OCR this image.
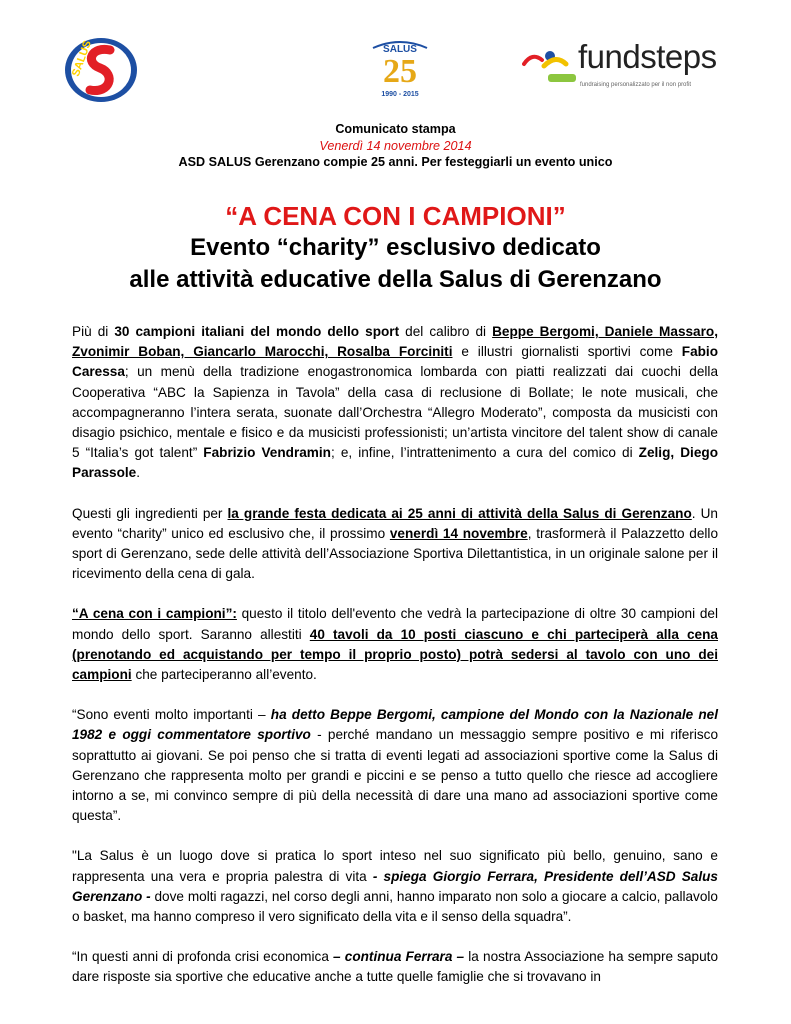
SALUS	SALUS
25
1990 - 2015
fundsteps
fundraising personalizzato per il non profit
Comunicato stampa
Venerdì 14 novembre 2014
ASD SALUS Gerenzano compie 25 anni. Per festeggiarli un evento unico
“A CENA CON I CAMPIONI”
Evento “charity” esclusivo dedicato
alle attività educative della Salus di Gerenzano

Più di 30 campioni italiani del mondo dello sport del calibro di Beppe Bergomi, Daniele Massaro, Zvonimir Boban, Giancarlo Marocchi, Rosalba Forciniti e illustri giornalisti sportivi come Fabio Caressa; un menù della tradizione enogastronomica lombarda con piatti realizzati dai cuochi della Cooperativa “ABC la Sapienza in Tavola” della casa di reclusione di Bollate; le note musicali, che accompagneranno l’intera serata, suonate dall’Orchestra “Allegro Moderato”, composta da musicisti con disagio psichico, mentale e fisico e da musicisti professionisti; un’artista vincitore del talent show di canale 5 “Italia’s got talent” Fabrizio Vendramin; e, infine, l’intrattenimento a cura del comico di Zelig, Diego Parassole.

Questi gli ingredienti per la grande festa dedicata ai 25 anni di attività della Salus di Gerenzano. Un evento “charity” unico ed esclusivo che, il prossimo venerdì 14 novembre, trasformerà il Palazzetto dello sport di Gerenzano, sede delle attività dell’Associazione Sportiva Dilettantistica, in un originale salone per il ricevimento della cena di gala.

“A cena con i campioni”: questo il titolo dell'evento che vedrà la partecipazione di oltre 30 campioni del mondo dello sport. Saranno allestiti 40 tavoli da 10 posti ciascuno e chi parteciperà alla cena (prenotando ed acquistando per tempo il proprio posto) potrà sedersi al tavolo con uno dei campioni che parteciperanno all’evento.

“Sono eventi molto importanti – ha detto Beppe Bergomi, campione del Mondo con la Nazionale nel 1982 e oggi commentatore sportivo - perché mandano un messaggio sempre positivo e mi riferisco soprattutto ai giovani. Se poi penso che si tratta di eventi legati ad associazioni sportive come la Salus di Gerenzano che rappresenta molto per grandi e piccini e se penso a tutto quello che riesce ad accogliere intorno a se, mi convinco sempre di più della necessità di dare una mano ad associazioni sportive come questa”.

"La Salus è un luogo dove si pratica lo sport inteso nel suo significato più bello, genuino, sano e rappresenta una vera e propria palestra di vita - spiega Giorgio Ferrara, Presidente dell’ASD Salus Gerenzano - dove molti ragazzi, nel corso degli anni, hanno imparato non solo a giocare a calcio, pallavolo o basket, ma hanno compreso il vero significato della vita e il senso della squadra”.

“In questi anni di profonda crisi economica – continua Ferrara – la nostra Associazione ha sempre saputo dare risposte sia sportive che educative anche a tutte quelle famiglie che si trovavano in
